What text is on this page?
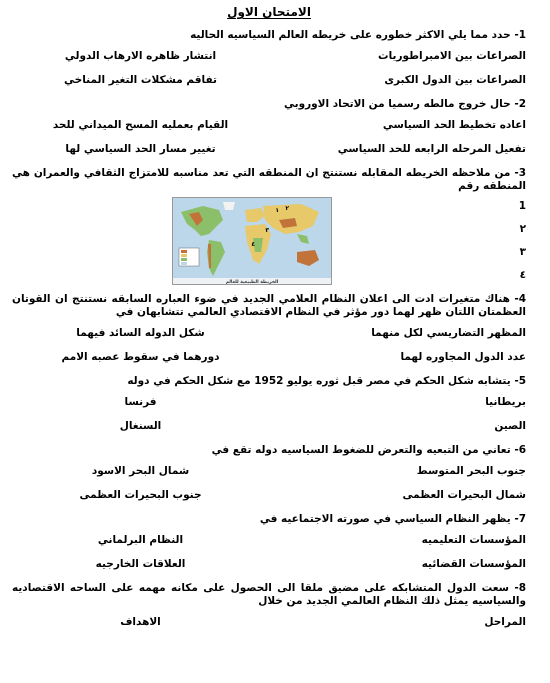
الامتحان الاول
1- حدد مما يلي الاكثر خطوره على خريطه العالم السياسيه الحاليه
الصراعات بين الامبراطوريات
انتشار ظاهره الارهاب الدولي
الصراعات بين الدول الكبرى
تفاقم مشكلات التغير المناخي
2- حال خروج مالطه رسميا من الاتحاد الاوروبي
اعاده تخطيط الحد السياسي
القيام بعمليه المسح الميداني للحد
تفعيل المرحله الرابعه للحد السياسي
تغيير مسار الحد السياسي لها
3- من ملاحظه الخريطه المقابله نستنتج ان المنطقه التي تعد مناسبه للامتزاج الثقافي والعمران هي المنطقه رقم
1
٢
٣
٤
١ ٢
٣
٤
الخريطة الطبيعية للعالم
4- هناك متغيرات ادت الى اعلان النظام العلامي الجديد في ضوء العباره السابقه نستنتج ان القوتان العظمتان اللتان ظهر لهما دور مؤثر في النظام الاقتصادي العالمي تتشابهان في
المظهر التضاريسي لكل منهما
شكل الدوله السائد فيهما
عدد الدول المجاوره لهما
دورهما في سقوط عصبه الامم
5- يتشابه شكل الحكم في مصر قبل ثوره يوليو 1952 مع شكل الحكم في دوله
بريطانيا
فرنسا
الصين
السنغال
6- تعاني من التبعيه والتعرض للضغوط السياسيه دوله تقع في
جنوب البحر المتوسط
شمال البحر الاسود
شمال البحيرات العظمى
جنوب البحيرات العظمى
7- يظهر النظام السياسي في صورته الاجتماعيه في
المؤسسات التعليميه
النظام البرلماني
المؤسسات القضائيه
العلاقات الخارجيه
8- سعت الدول المتشابكه على مضيق ملقا الى الحصول على مكانه مهمه على الساحه الاقتصاديه والسياسيه يمثل ذلك النظام العالمي الجديد من خلال
المراحل
الاهداف
